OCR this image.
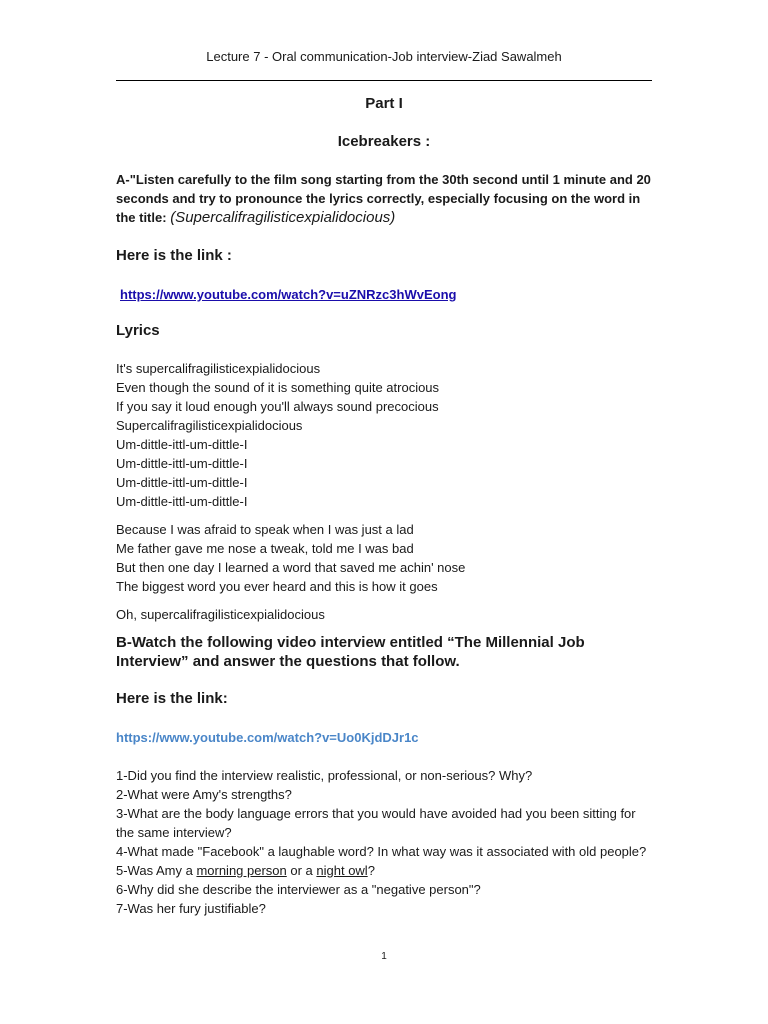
Lecture 7 - Oral communication-Job interview-Ziad Sawalmeh
Part I
Icebreakers :
A-"Listen carefully to the film song starting from the 30th second until 1 minute and 20 seconds and try to pronounce the lyrics correctly, especially focusing on the word in the title: (Supercalifragilisticexpialidocious)
Here is the link :
https://www.youtube.com/watch?v=uZNRzc3hWvEong
Lyrics
It's supercalifragilisticexpialidocious
Even though the sound of it is something quite atrocious
If you say it loud enough you'll always sound precocious
Supercalifragilisticexpialidocious
Um-dittle-ittl-um-dittle-I
Um-dittle-ittl-um-dittle-I
Um-dittle-ittl-um-dittle-I
Um-dittle-ittl-um-dittle-I
Because I was afraid to speak when I was just a lad
Me father gave me nose a tweak, told me I was bad
But then one day I learned a word that saved me achin' nose
The biggest word you ever heard and this is how it goes
Oh, supercalifragilisticexpialidocious
B-Watch the following video interview entitled “The Millennial Job Interview” and answer the questions that follow.
Here is the link:
https://www.youtube.com/watch?v=Uo0KjdDJr1c
1-Did you find the interview realistic, professional, or non-serious? Why?
2-What were Amy's strengths?
3-What are the body language errors that you would have avoided had you been sitting for the same interview?
4-What made "Facebook" a laughable word? In what way was it associated with old people?
5-Was Amy a morning person or a night owl?
6-Why did she describe the interviewer as a "negative person"?
7-Was her fury justifiable?
1
